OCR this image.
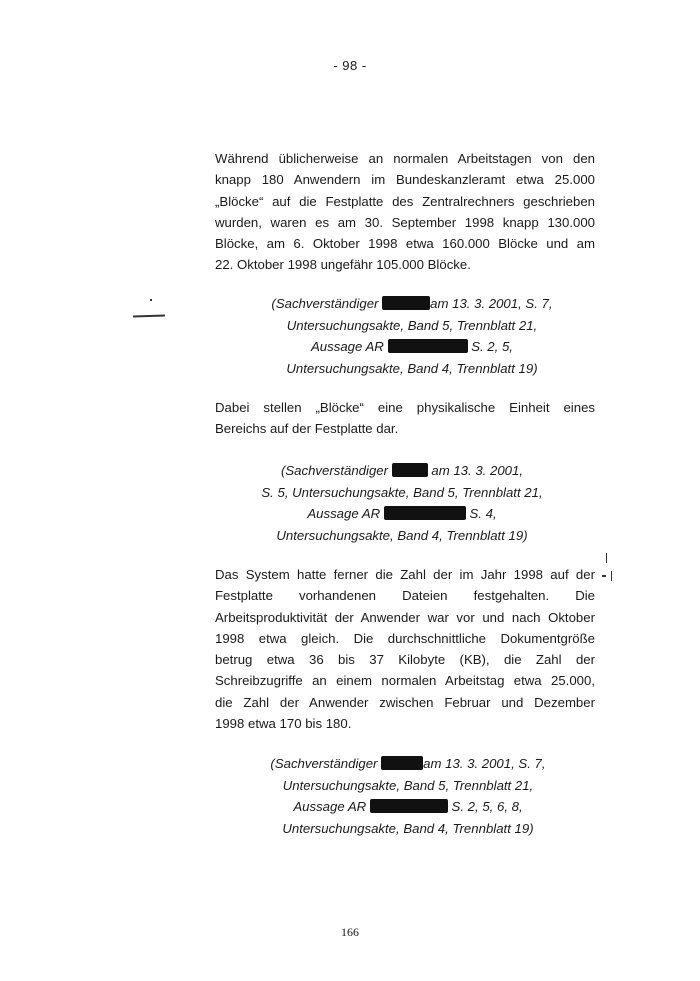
- 98 -
Während üblicherweise an normalen Arbeitstagen von den
knapp 180 Anwendern im Bundeskanzleramt etwa 25.000
„Blöcke“ auf die Festplatte des Zentralrechners geschrieben
wurden, waren es am 30. September 1998 knapp 130.000
Blöcke, am 6. Oktober 1998 etwa 160.000 Blöcke und am
22. Oktober 1998 ungefähr 105.000 Blöcke.
(Sachverständiger	am 13. 3. 2001, S. 7,
Untersuchungsakte, Band 5, Trennblatt 21,
Aussage AR	S. 2, 5,
Untersuchungsakte, Band 4, Trennblatt 19)
Dabei stellen „Blöcke“ eine physikalische Einheit eines
Bereichs auf der Festplatte dar.
(Sachverständiger	am 13. 3. 2001,
S. 5, Untersuchungsakte, Band 5, Trennblatt 21,
Aussage AR	S. 4,
Untersuchungsakte, Band 4, Trennblatt 19)
Das System hatte ferner die Zahl der im Jahr 1998 auf der
Festplatte vorhandenen Dateien festgehalten. Die
Arbeitsproduktivität der Anwender war vor und nach Oktober
1998 etwa gleich. Die durchschnittliche Dokumentgröße
betrug etwa 36 bis 37 Kilobyte (KB), die Zahl der
Schreibzugriffe an einem normalen Arbeitstag etwa 25.000,
die Zahl der Anwender zwischen Februar und Dezember
1998 etwa 170 bis 180.
(Sachverständiger	am 13. 3. 2001, S. 7,
Untersuchungsakte, Band 5, Trennblatt 21,
Aussage AR	S. 2, 5, 6, 8,
Untersuchungsakte, Band 4, Trennblatt 19)
166
